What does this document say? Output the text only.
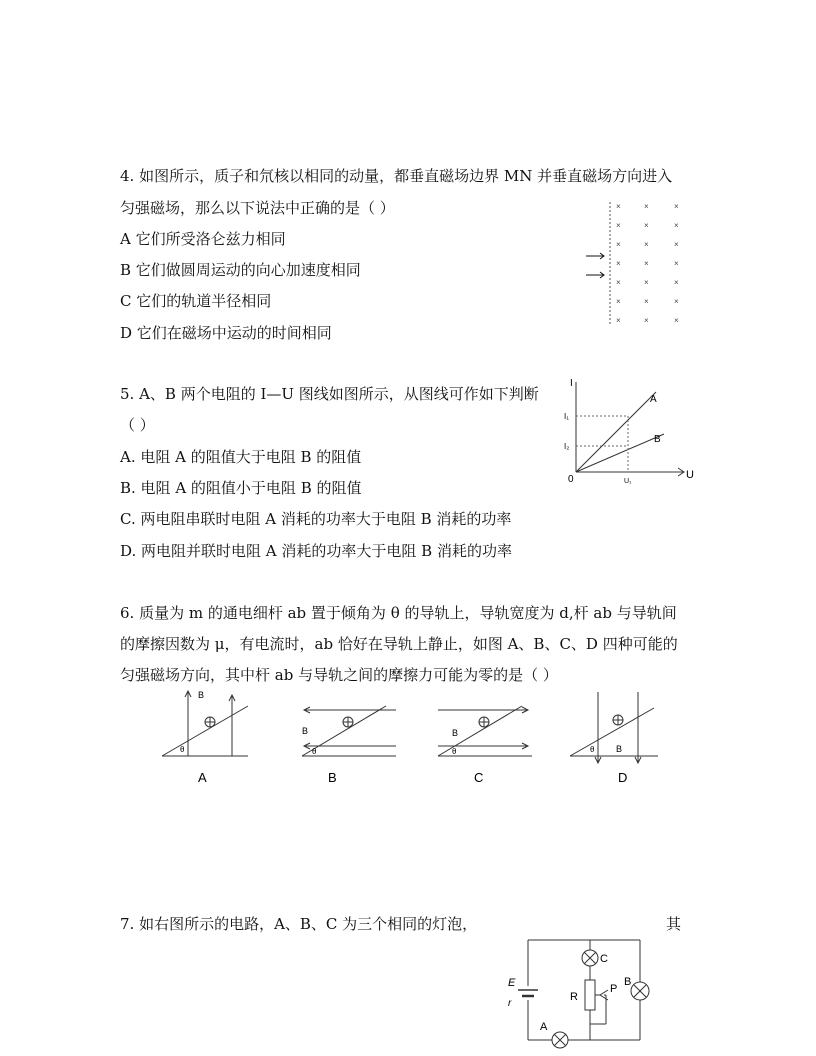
4. 如图所示，质子和氘核以相同的动量，都垂直磁场边界 MN 并垂直磁场方向进入
匀强磁场，那么以下说法中正确的是（ ）
A 它们所受洛仑兹力相同
B 它们做圆周运动的向心加速度相同
C 它们的轨道半径相同
D 它们在磁场中运动的时间相同
×	×	×
×	×	×
×	×	×
×	×	×
×	×	×
×	×	×
×	×	×
5. A、B 两个电阻的 I—U 图线如图所示，从图线可作如下判断
（ ）
A. 电阻 A 的阻值大于电阻 B 的阻值
B. 电阻 A 的阻值小于电阻 B 的阻值
C. 两电阻串联时电阻 A 消耗的功率大于电阻 B 消耗的功率
D. 两电阻并联时电阻 A 消耗的功率大于电阻 B 消耗的功率
I
U
0
I₁
I₂
U₁
A
B
6. 质量为 m 的通电细杆 ab 置于倾角为 θ 的导轨上，导轨宽度为 d,杆 ab 与导轨间
的摩擦因数为 μ，有电流时，ab 恰好在导轨上静止，如图 A、B、C、D 四种可能的
匀强磁场方向，其中杆 ab 与导轨之间的摩擦力可能为零的是（ ）
B
θ
A
B
θ
B
B
θ
C
B
θ
D
7. 如右图所示的电路，A、B、C 为三个相同的灯泡，	其
E
r
A
B
C
R
P
